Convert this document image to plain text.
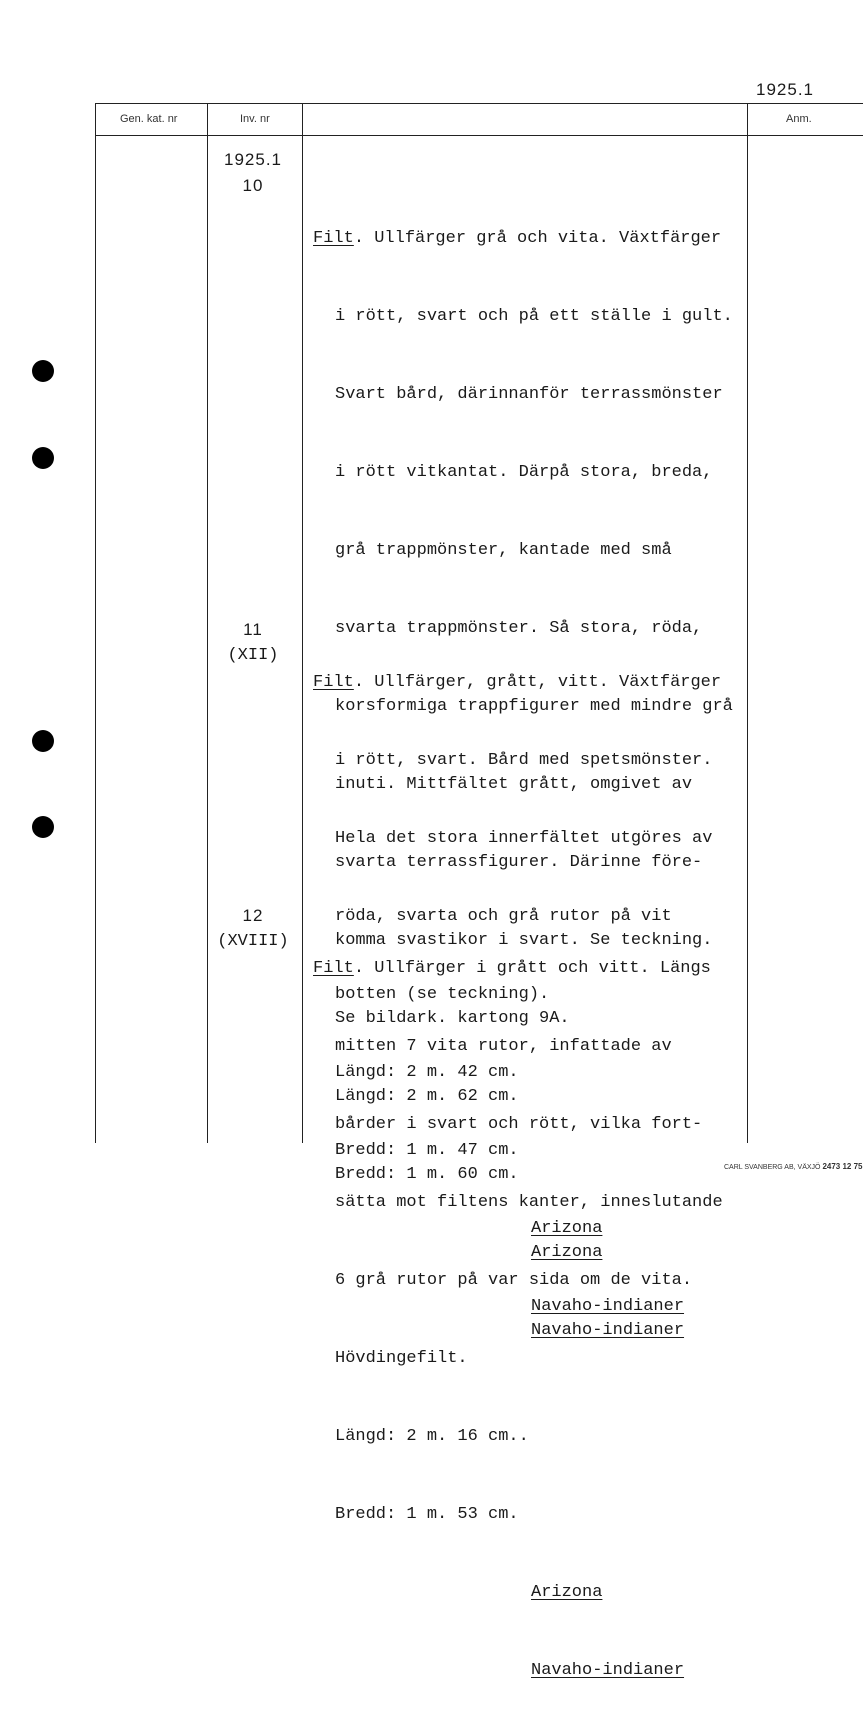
1925.1
Gen. kat. nr	Inv. nr	Anm.
1925.1
10

Filt. Ullfärger grå och vita. Växtfärger

i rött, svart och på ett ställe i gult.

Svart bård, därinnanför terrassmönster

i rött vitkantat. Därpå stora, breda,

grå trappmönster, kantade med små

svarta trappmönster. Så stora, röda,

korsformiga trappfigurer med mindre grå

inuti. Mittfältet grått, omgivet av

svarta terrassfigurer. Därinne före-

komma svastikor i svart. Se teckning.

Se bildark. kartong 9A.

Längd: 2 m. 62 cm.

Bredd: 1 m. 60 cm.

Arizona

Navaho-indianer

11
(XII)

Filt. Ullfärger, grått, vitt. Växtfärger

i rött, svart. Bård med spetsmönster.

Hela det stora innerfältet utgöres av

röda, svarta och grå rutor på vit

botten (se teckning).

Längd: 2 m. 42 cm.

Bredd: 1 m. 47 cm.

Arizona

Navaho-indianer

12
(XVIII)

Filt. Ullfärger i grått och vitt. Längs

mitten 7 vita rutor, infattade av

bårder i svart och rött, vilka fort-

sätta mot filtens kanter, inneslutande

6 grå rutor på var sida om de vita.

Hövdingefilt.

Längd: 2 m. 16 cm..

Bredd: 1 m. 53 cm.

Arizona

Navaho-indianer

CARL SVANBERG AB, VÄXJÖ 2473 12 75
